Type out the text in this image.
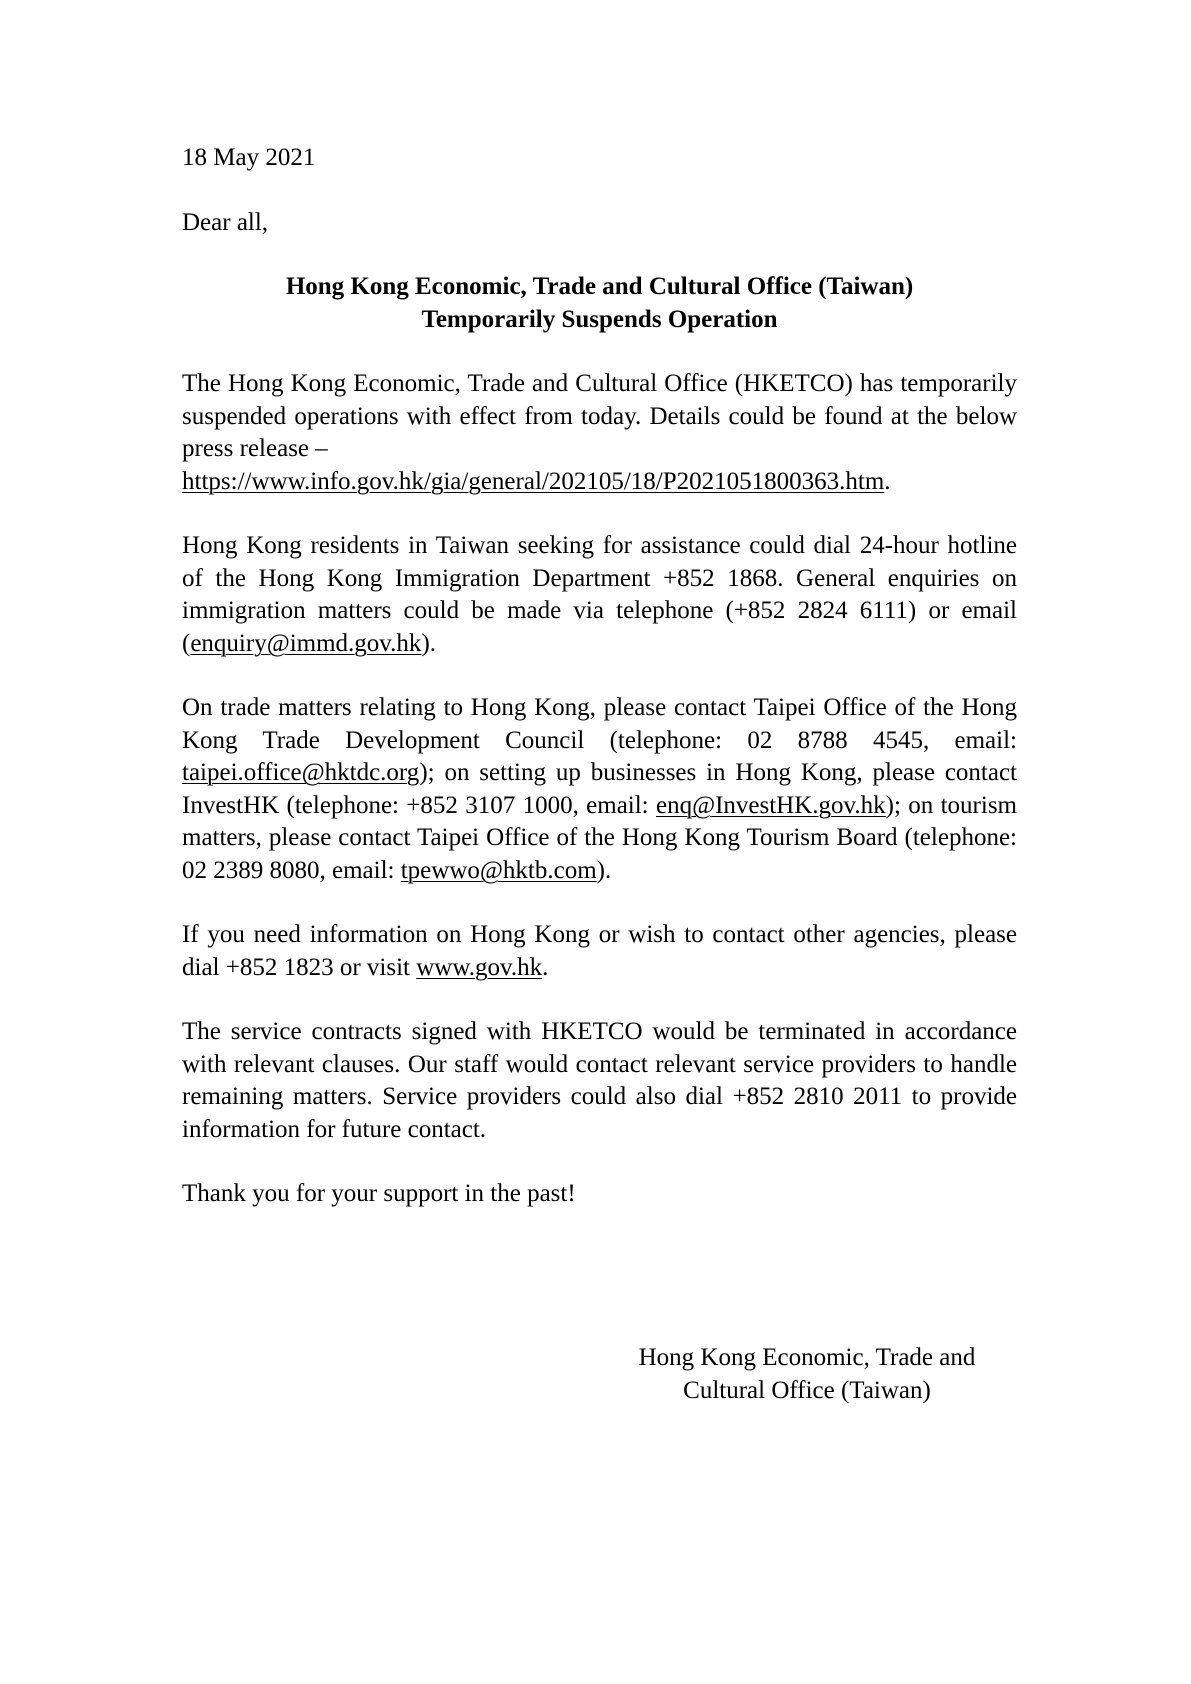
18 May 2021

Dear all,

Hong Kong Economic, Trade and Cultural Office (Taiwan)
Temporarily Suspends Operation

The Hong Kong Economic, Trade and Cultural Office (HKETCO) has temporarily suspended operations with effect from today. Details could be found at the below press release –
https://www.info.gov.hk/gia/general/202105/18/P2021051800363.htm.

Hong Kong residents in Taiwan seeking for assistance could dial 24-hour hotline of the Hong Kong Immigration Department +852 1868. General enquiries on immigration matters could be made via telephone (+852 2824 6111) or email (enquiry@immd.gov.hk).

On trade matters relating to Hong Kong, please contact Taipei Office of the Hong Kong Trade Development Council (telephone: 02 8788 4545, email: taipei.office@hktdc.org); on setting up businesses in Hong Kong, please contact InvestHK (telephone: +852 3107 1000, email: enq@InvestHK.gov.hk); on tourism matters, please contact Taipei Office of the Hong Kong Tourism Board (telephone: 02 2389 8080, email: tpewwo@hktb.com).

If you need information on Hong Kong or wish to contact other agencies, please dial +852 1823 or visit www.gov.hk.

The service contracts signed with HKETCO would be terminated in accordance with relevant clauses. Our staff would contact relevant service providers to handle remaining matters. Service providers could also dial +852 2810 2011 to provide information for future contact.

Thank you for your support in the past!

Hong Kong Economic, Trade and
Cultural Office (Taiwan)
